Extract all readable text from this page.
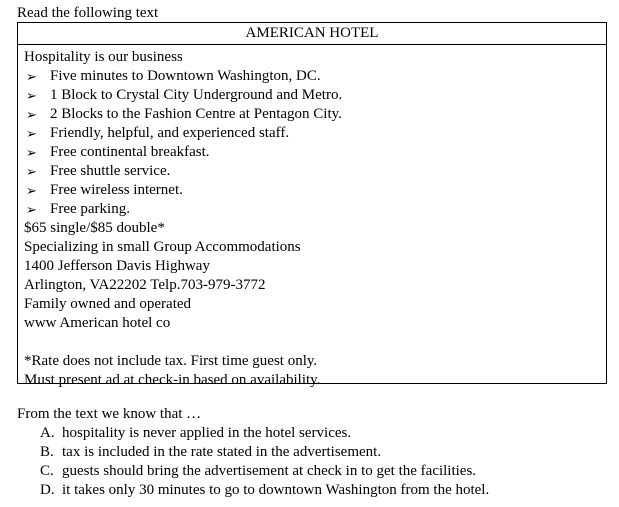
Read the following text
AMERICAN HOTEL
Hospitality is our business
➢ Five minutes to Downtown Washington, DC.
➢ 1 Block to Crystal City Underground and Metro.
➢ 2 Blocks to the Fashion Centre at Pentagon City.
➢ Friendly, helpful, and experienced staff.
➢ Free continental breakfast.
➢ Free shuttle service.
➢ Free wireless internet.
➢ Free parking.
$65 single/$85 double*
Specializing in small Group Accommodations
1400 Jefferson Davis Highway
Arlington, VA22202 Telp.703-979-3772
Family owned and operated
www American hotel co
*Rate does not include tax. First time guest only.
Must present ad at check-in based on availability.
From the text we know that …
A. hospitality is never applied in the hotel services.
B. tax is included in the rate stated in the advertisement.
C. guests should bring the advertisement at check in to get the facilities.
D. it takes only 30 minutes to go to downtown Washington from the hotel.
